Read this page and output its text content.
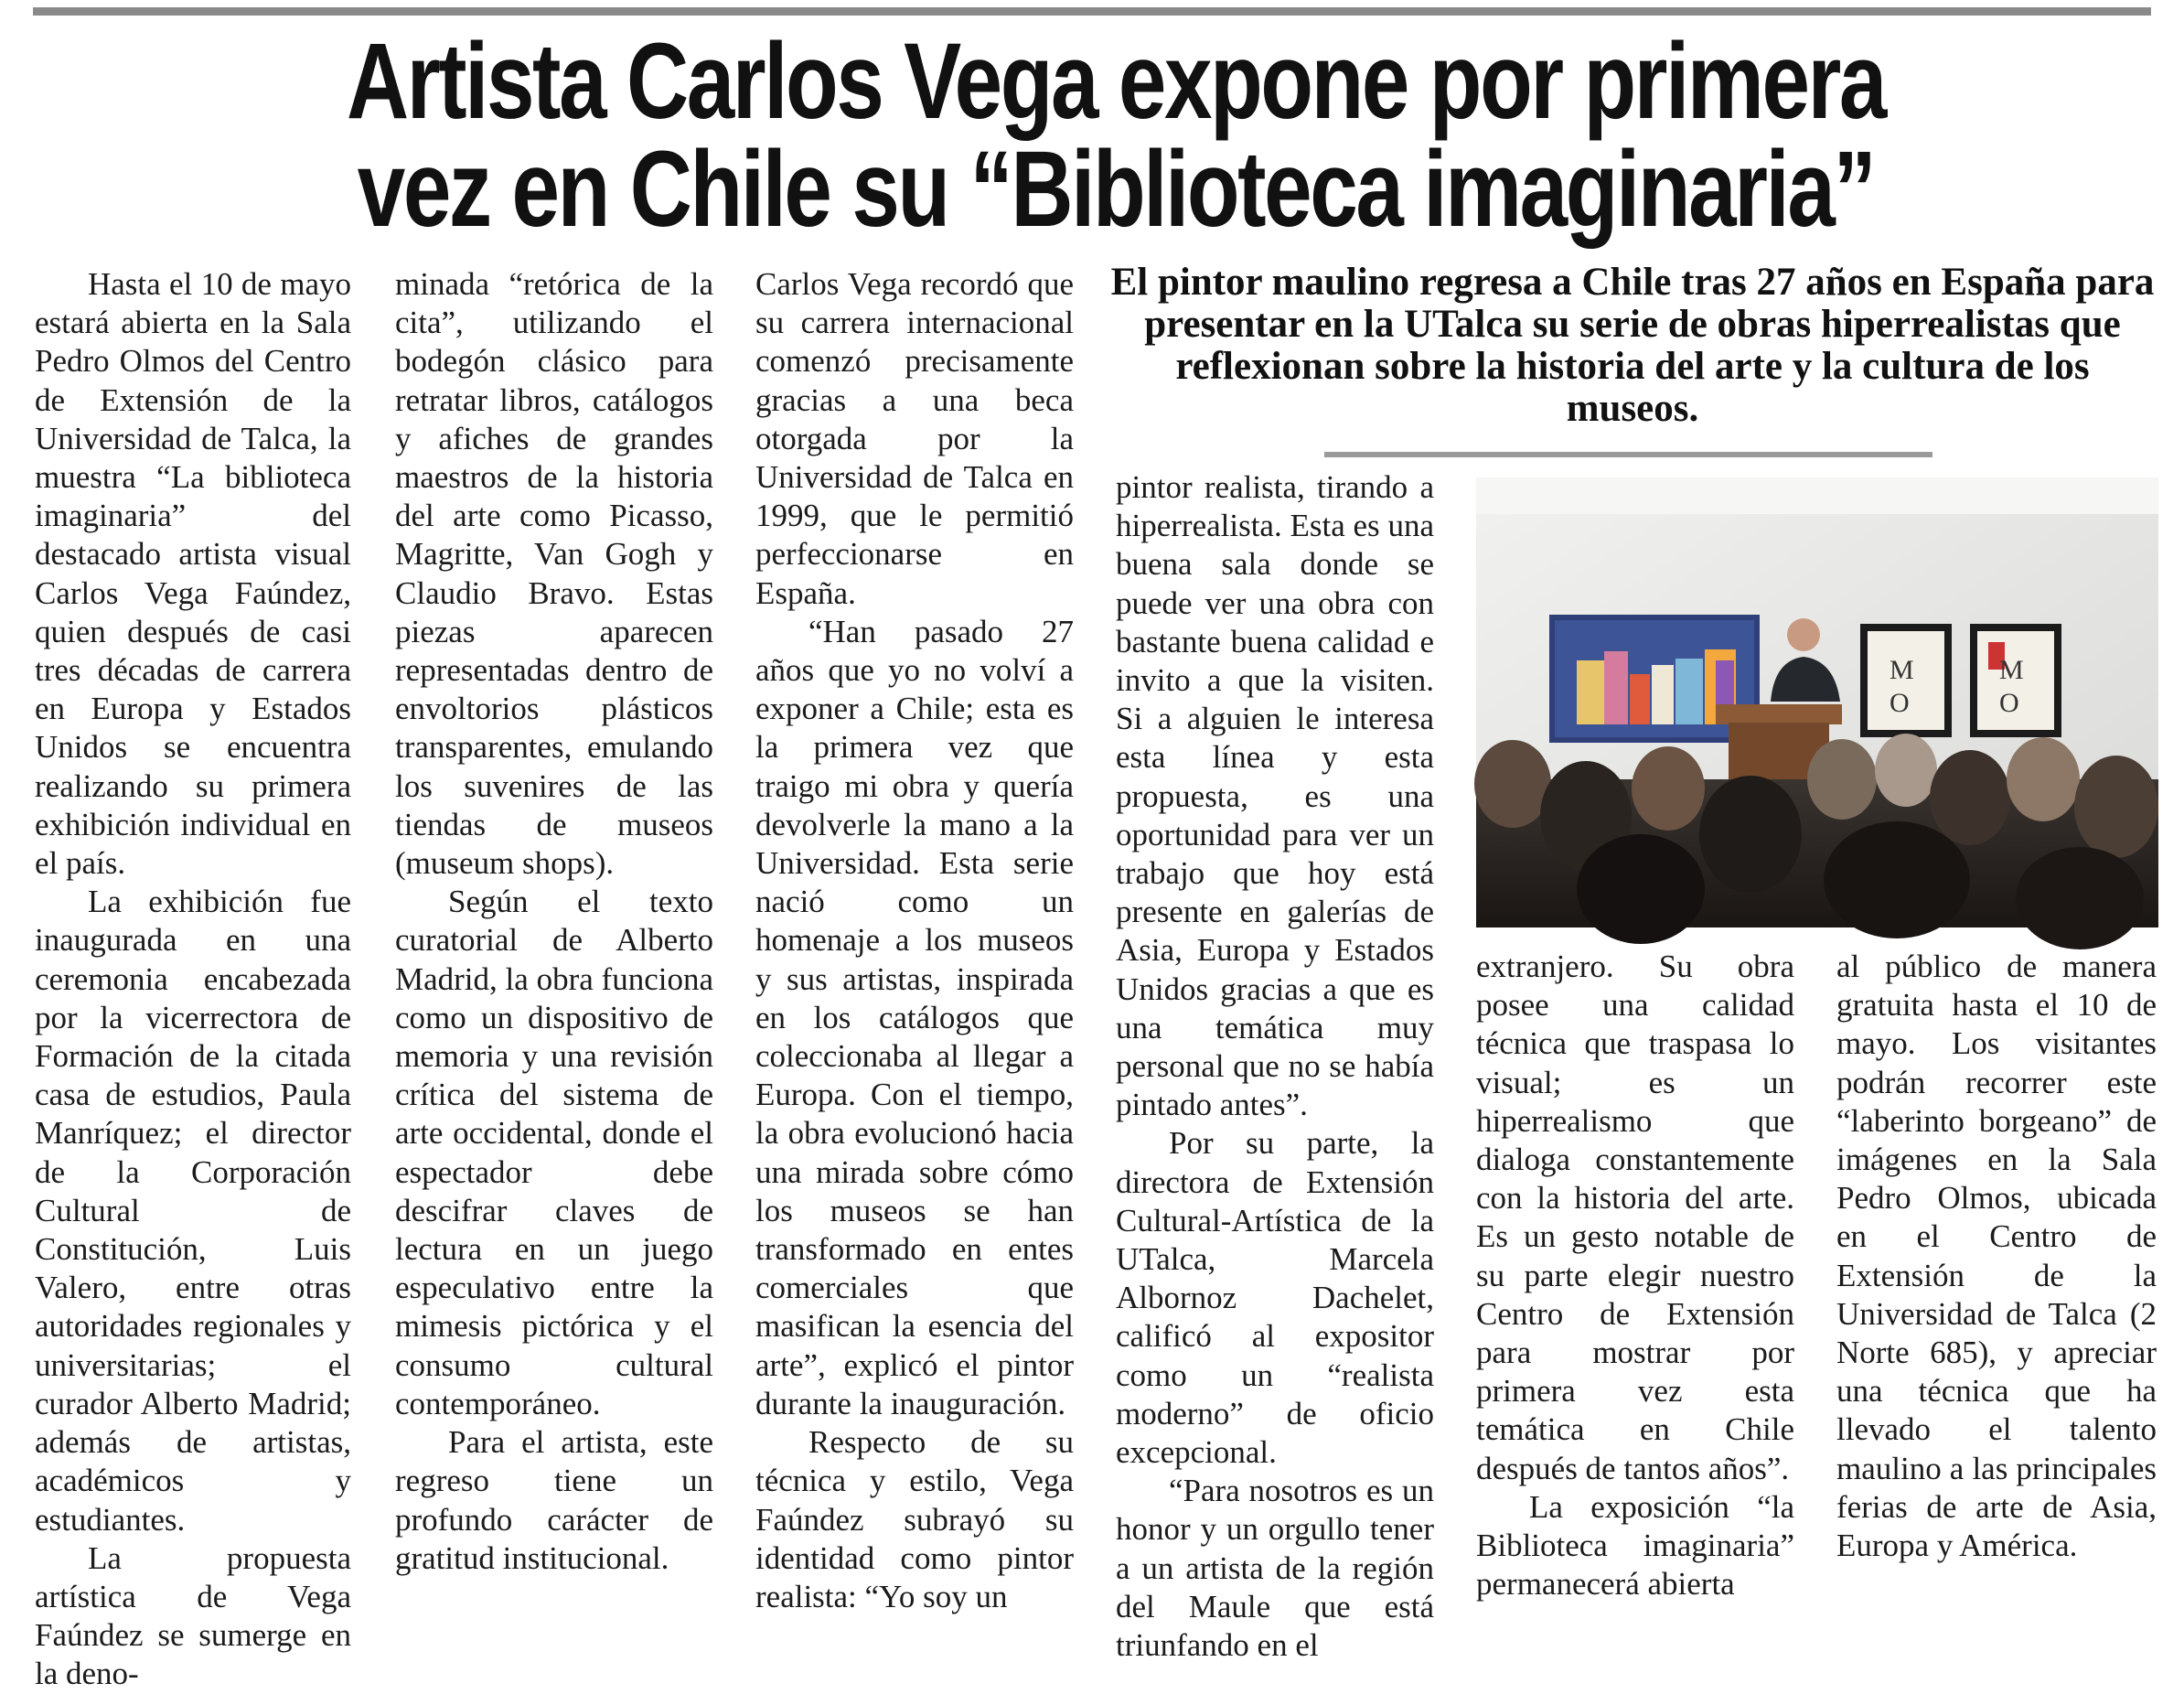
Artista Carlos Vega expone por primera
vez en Chile su “Biblioteca imaginaria”

Hasta el 10 de mayo estará abierta en la Sala Pedro Olmos del Centro de Extensión de la Universidad de Talca, la muestra “La biblioteca imaginaria” del destacado artista visual Carlos Vega Faúndez, quien después de casi tres décadas de carrera en Europa y Estados Unidos se encuentra realizando su primera exhibición individual en el país.

La exhibición fue inaugurada en una ceremonia encabezada por la vicerrectora de Formación de la citada casa de estudios, Paula Manríquez; el director de la Corporación Cultural de Constitución, Luis Valero, entre otras autoridades regionales y universitarias; el curador Alberto Madrid; además de artistas, académicos y estudiantes.

La propuesta artística de Vega Faúndez se sumerge en la deno-

minada “retórica de la cita”, utilizando el bodegón clásico para retratar libros, catálogos y afiches de grandes maestros de la historia del arte como Picasso, Magritte, Van Gogh y Claudio Bravo. Estas piezas aparecen representadas dentro de envoltorios plásticos transparentes, emulando los suvenires de las tiendas de museos (museum shops).

Según el texto curatorial de Alberto Madrid, la obra funciona como un dispositivo de memoria y una revisión crítica del sistema de arte occidental, donde el espectador debe descifrar claves de lectura en un juego especulativo entre la mimesis pictórica y el consumo cultural contemporáneo.

Para el artista, este regreso tiene un profundo carácter de gratitud institucional.

Carlos Vega recordó que su carrera internacional comenzó precisamente gracias a una beca otorgada por la Universidad de Talca en 1999, que le permitió perfeccionarse en España.

“Han pasado 27 años que yo no volví a exponer a Chile; esta es la primera vez que traigo mi obra y quería devolverle la mano a la Universidad. Esta serie nació como un homenaje a los museos y sus artistas, inspirada en los catálogos que coleccionaba al llegar a Europa. Con el tiempo, la obra evolucionó hacia una mirada sobre cómo los museos se han transformado en entes comerciales que masifican la esencia del arte”, explicó el pintor durante la inauguración.

Respecto de su técnica y estilo, Vega Faúndez subrayó su identidad como pintor realista: “Yo soy un

El pintor maulino regresa a Chile tras 27 años en España para presentar en la UTalca su serie de obras hiperrealistas que reflexionan sobre la historia del arte y la cultura de los museos.
M
O
M
O

pintor realista, tirando a hiperrealista. Esta es una buena sala donde se puede ver una obra con bastante buena calidad e invito a que la visiten. Si a alguien le interesa esta línea y esta propuesta, es una oportunidad para ver un trabajo que hoy está presente en galerías de Asia, Europa y Estados Unidos gracias a que es una temática muy personal que no se había pintado antes”.

Por su parte, la directora de Extensión Cultural-Artística de la UTalca, Marcela Albornoz Dachelet, calificó al expositor como un “realista moderno” de oficio excepcional.

“Para nosotros es un honor y un orgullo tener a un artista de la región del Maule que está triunfando en el

extranjero. Su obra posee una calidad técnica que traspasa lo visual; es un hiperrealismo que dialoga constantemente con la historia del arte. Es un gesto notable de su parte elegir nuestro Centro de Extensión para mostrar por primera vez esta temática en Chile después de tantos años”.

La exposición “la Biblioteca imaginaria” permanecerá abierta

al público de manera gratuita hasta el 10 de mayo. Los visitantes podrán recorrer este “laberinto borgeano” de imágenes en la Sala Pedro Olmos, ubicada en el Centro de Extensión de la Universidad de Talca (2 Norte 685), y apreciar una técnica que ha llevado el talento maulino a las principales ferias de arte de Asia, Europa y América.
